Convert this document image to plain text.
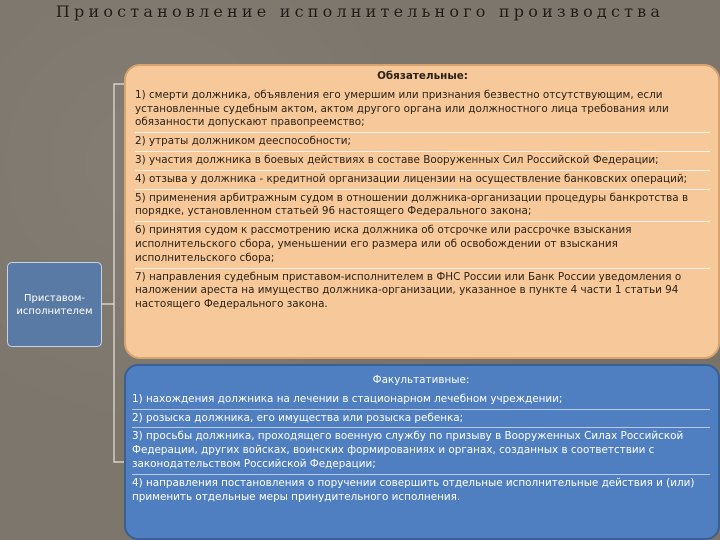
Приостановление исполнительного производства
Приставом-исполнителем
Обязательные:
1) смерти должника, объявления его умершим или признания безвестно отсутствующим, если установленные судебным актом, актом другого органа или должностного лица требования или обязанности допускают правопреемство;
2) утраты должником дееспособности;
3) участия должника в боевых действиях в составе Вооруженных Сил Российской Федерации;
4) отзыва у должника - кредитной организации лицензии на осуществление банковских операций;
5) применения арбитражным судом в отношении должника-организации процедуры банкротства в порядке, установленном статьей 96 настоящего Федерального закона;
6) принятия судом к рассмотрению иска должника об отсрочке или рассрочке взыскания исполнительского сбора, уменьшении его размера или об освобождении от взыскания исполнительского сбора;
7) направления судебным приставом-исполнителем в ФНС России или Банк России уведомления о наложении ареста на имущество должника-организации, указанное в пункте 4 части 1 статьи 94 настоящего Федерального закона.
Факультативные:
1) нахождения должника на лечении в стационарном лечебном учреждении;
2) розыска должника, его имущества или розыска ребенка;
3) просьбы должника, проходящего военную службу по призыву в Вооруженных Силах Российской Федерации, других войсках, воинских формированиях и органах, созданных в соответствии с законодательством Российской Федерации;
4) направления постановления о поручении совершить отдельные исполнительные действия и (или) применить отдельные меры принудительного исполнения.
